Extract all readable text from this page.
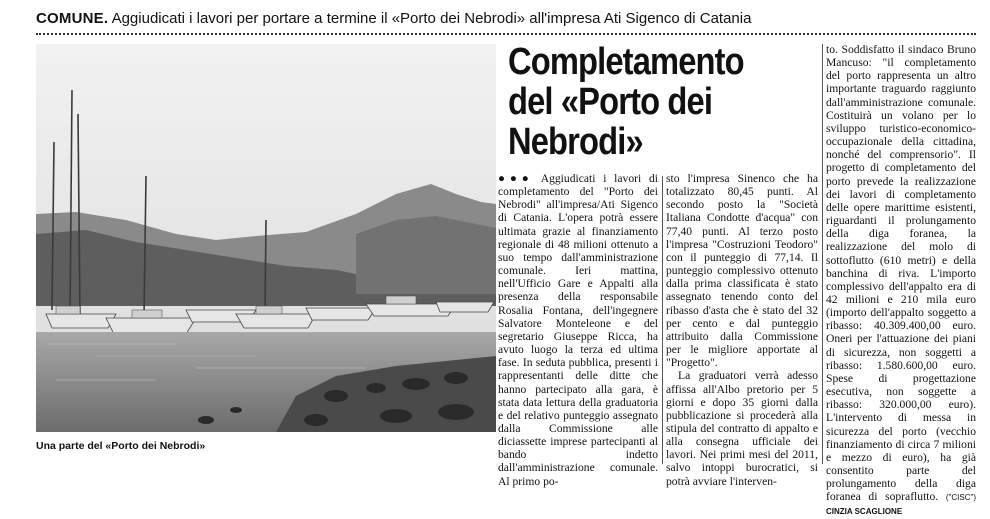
COMUNE. Aggiudicati i lavori per portare a termine il «Porto dei Nebrodi» all'impresa Ati Sigenco di Catania
Una parte del «Porto dei Nebrodi»
Completamento del «Porto dei Nebrodi»

●●● Aggiudicati i lavori di completamento del "Porto dei Nebrodi" all'impresa/Ati Sigenco di Catania. L'opera potrà essere ultimata grazie al finanziamento regionale di 48 milioni ottenuto a suo tempo dall'amministrazione comunale. Ieri mattina, nell'Ufficio Gare e Appalti alla presenza della responsabile Rosalia Fontana, dell'ingegnere Salvatore Monteleone e del segretario Giuseppe Ricca, ha avuto luogo la terza ed ultima fase. In seduta pubblica, presenti i rappresentanti delle ditte che hanno partecipato alla gara, è stata data lettura della graduatoria e del relativo punteggio assegnato dalla Commissione alle diciassette imprese partecipanti al bando indetto dall'amministrazione comunale. Al primo po-

sto l'impresa Sinenco che ha totalizzato 80,45 punti. Al secondo posto la "Società Italiana Condotte d'acqua" con 77,40 punti. Al terzo posto l'impresa "Costruzioni Teodoro" con il punteggio di 77,14. Il punteggio complessivo ottenuto dalla prima classificata è stato assegnato tenendo conto del ribasso d'asta che è stato del 32 per cento e dal punteggio attribuito dalla Commissione per le migliore apportate al "Progetto".

La graduatori verrà adesso affissa all'Albo pretorio per 5 giorni e dopo 35 giorni dalla pubblicazione si procederà alla stipula del contratto di appalto e alla consegna ufficiale dei lavori. Nei primi mesi del 2011, salvo intoppi burocratici, si potrà avviare l'interven-

to. Soddisfatto il sindaco Bruno Mancuso: "il completamento del porto rappresenta un altro importante traguardo raggiunto dall'amministrazione comunale. Costituirà un volano per lo sviluppo turistico-economico-occupazionale della cittadina, nonché del comprensorio". Il progetto di completamento del porto prevede la realizzazione dei lavori di completamento delle opere marittime esistenti, riguardanti il prolungamento della diga foranea, la realizzazione del molo di sottoflutto (610 metri) e della banchina di riva. L'importo complessivo dell'appalto era di 42 milioni e 210 mila euro (importo dell'appalto soggetto a ribasso: 40.309.400,00 euro. Oneri per l'attuazione dei piani di sicurezza, non soggetti a ribasso: 1.580.600,00 euro. Spese di progettazione esecutiva, non soggette a ribasso: 320.000,00 euro). L'intervento di messa in sicurezza del porto (vecchio finanziamento di circa 7 milioni e mezzo di euro), ha già consentito parte del prolungamento della diga foranea di sopraflutto. ("CISC") CINZIA SCAGLIONE
